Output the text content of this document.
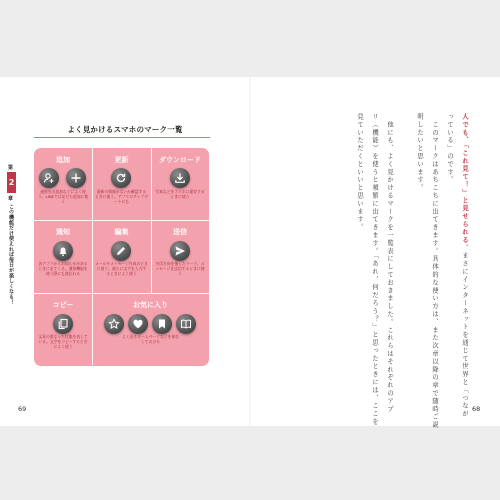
よく見かけるスマホのマーク一覧
第
2
章
この機能だけ使えれば毎日が楽しくなる！
追加
連絡先の追加などによく使う。LINEでは友だち追加に使う
更新
最新の情報がないか確認するときに使う。アプリのアップデートにも
ダウンロード
写真などをスマホに保存するときに使う
通知
各アプリからお知らせがあるときに出てくる。通知機能を使う際にも使われる
編集
メールやメッセージ作成のときに使う。新たに文字を入力するときによく使う
送信
矢印方向を指したマーク。メッセージを送信するときに使う
コピー
文章の重なった状態を表している。文字をコピーするときによく使う
お気に入り
よく見るホームページなどを保存しておける
69
人でも、「これ見て！」と見せられる。まさにインターネットを通じて世界と「つなが
っている」のです。
　このマークはあちこちに出てきます。具体的な使い方は、また次章以降の章で随時ご説
明したいと思います。
　他にも、よく見かけるマークを一覧表にしておきました。これらはそれぞれのアプ
リ（機能）を使うと頻繁に出てきます。「あれ、何だろう？」と思ったときには、ここを
見ていただくといいと思います。
68
